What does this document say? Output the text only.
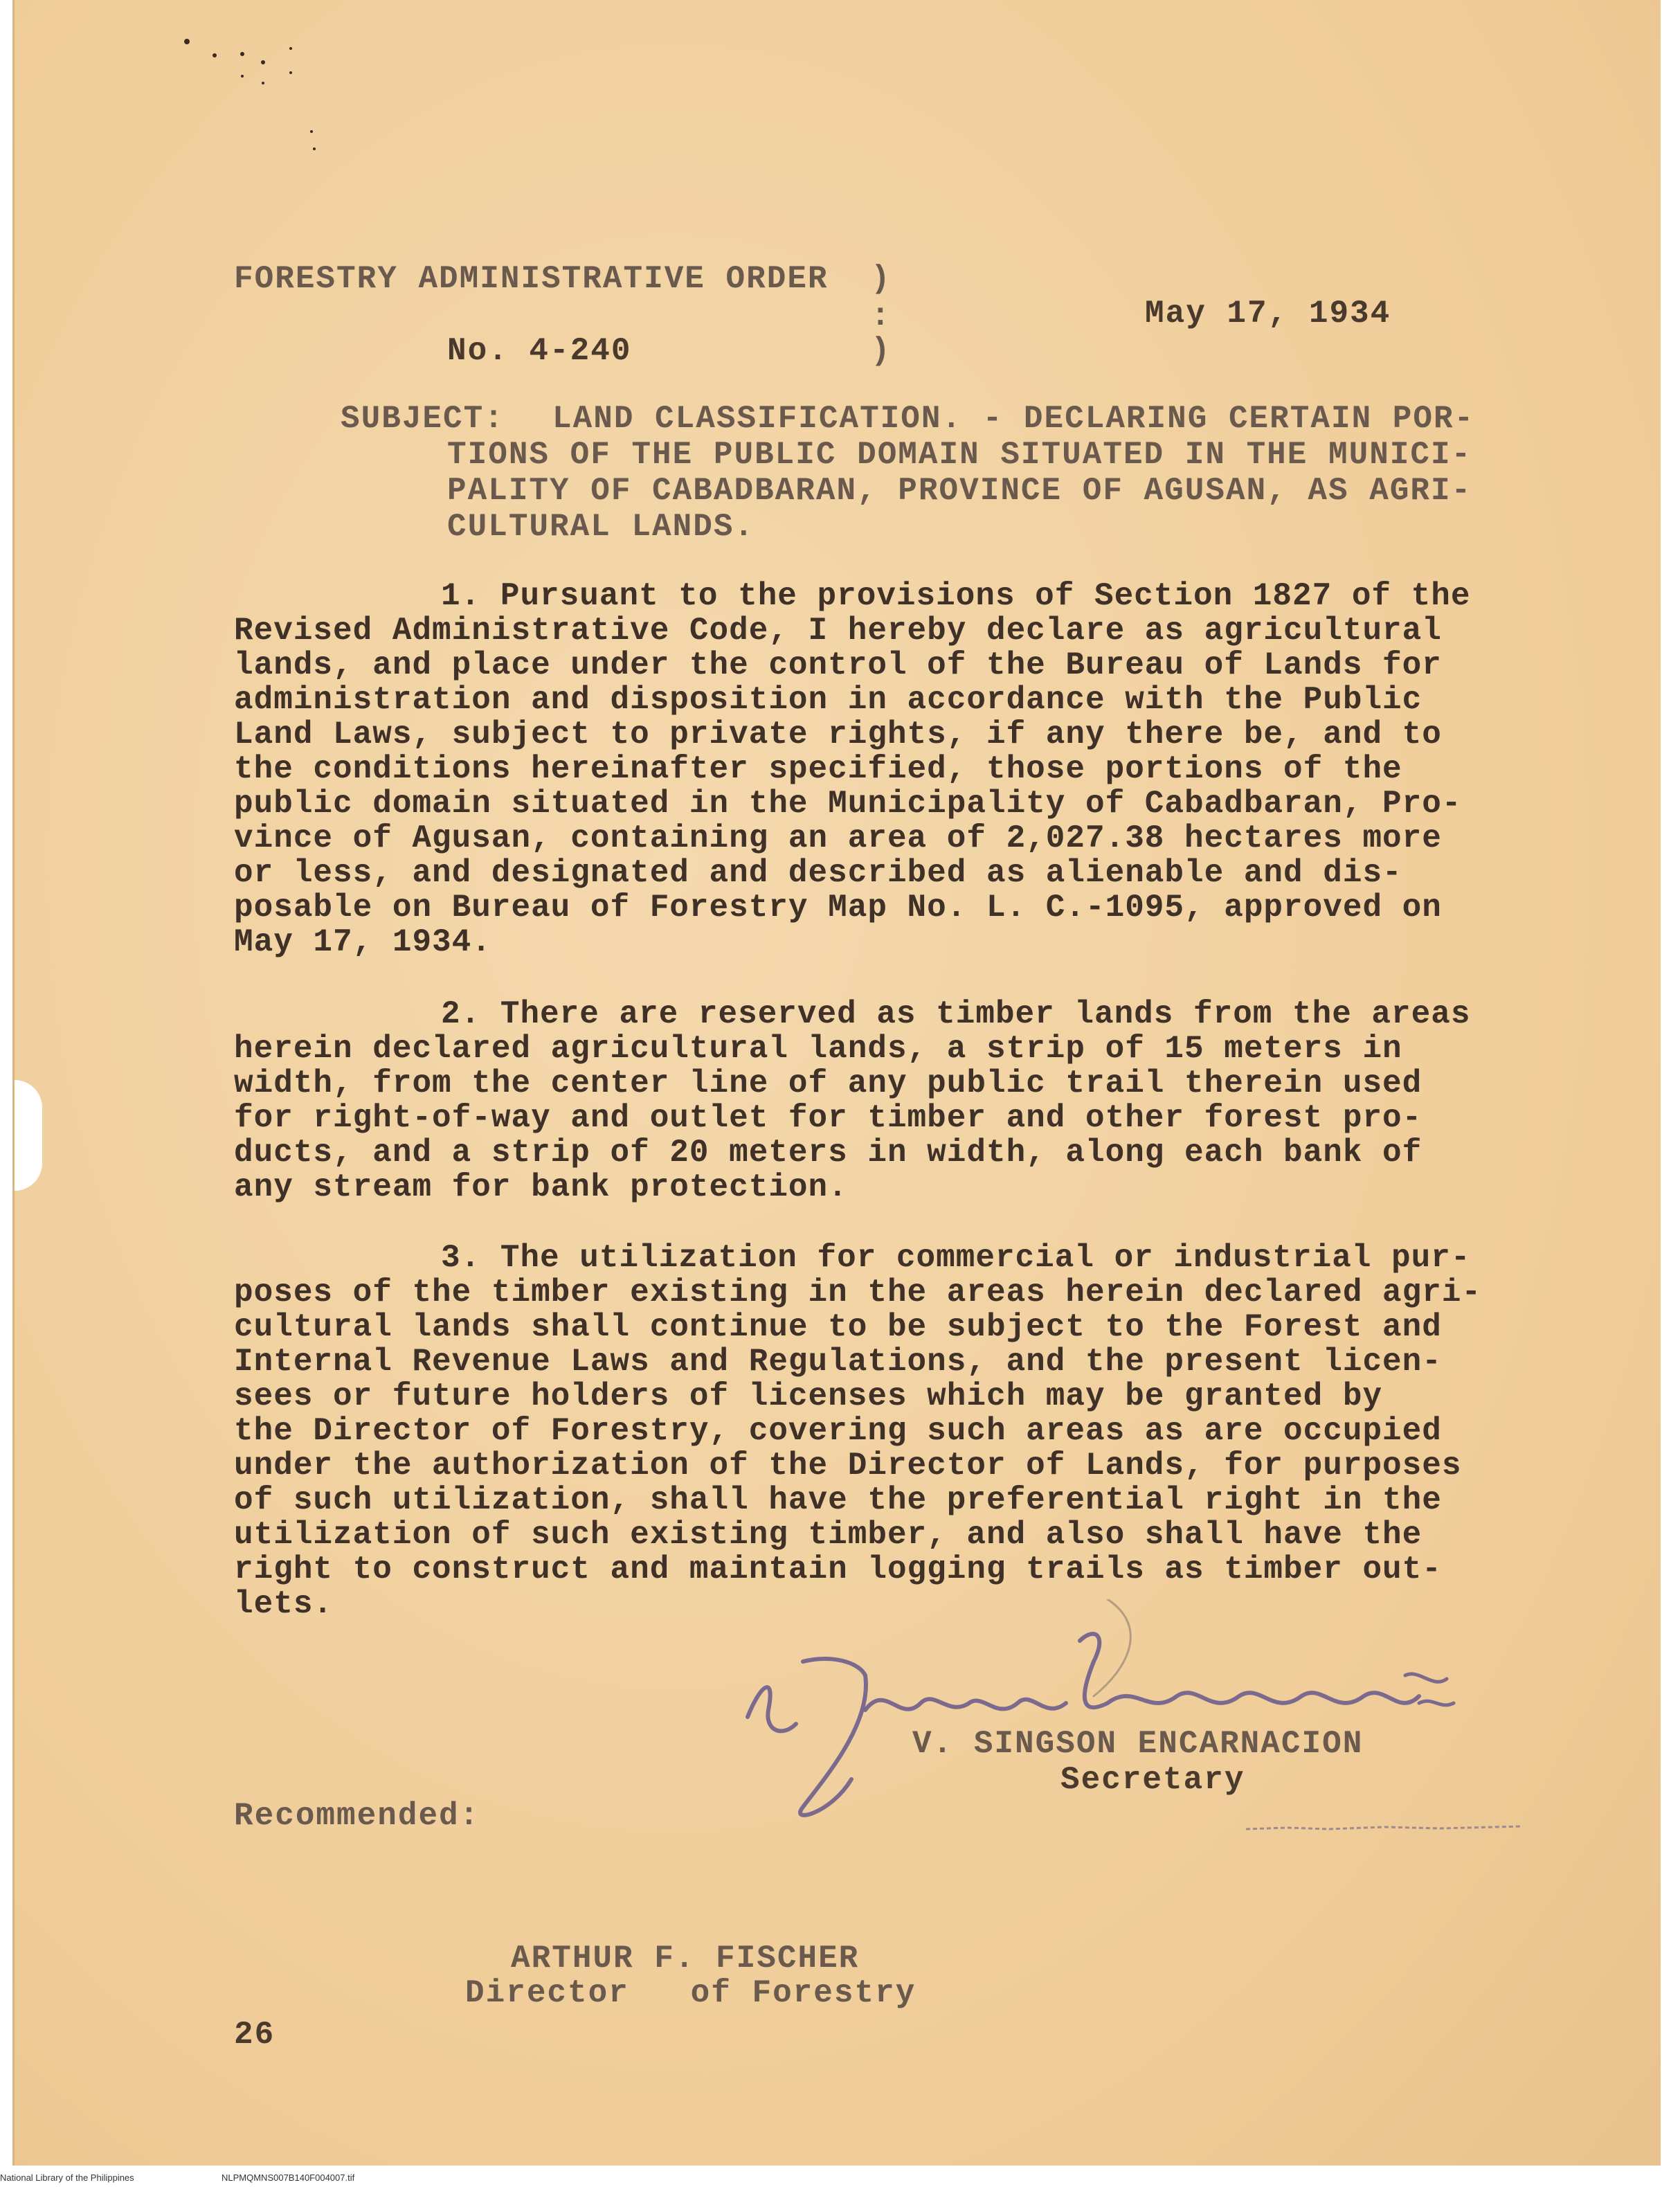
FORESTRY ADMINISTRATIVE ORDER )
:
)
No. 4-240
May 17, 1934
SUBJECT: LAND CLASSIFICATION. - DECLARING CERTAIN POR-
TIONS OF THE PUBLIC DOMAIN SITUATED IN THE MUNICI-
PALITY OF CABADBARAN, PROVINCE OF AGUSAN, AS AGRI-
CULTURAL LANDS.
1. Pursuant to the provisions of Section 1827 of the
Revised Administrative Code, I hereby declare as agricultural
lands, and place under the control of the Bureau of Lands for
administration and disposition in accordance with the Public
Land Laws, subject to private rights, if any there be, and to
the conditions hereinafter specified, those portions of the
public domain situated in the Municipality of Cabadbaran, Pro-
vince of Agusan, containing an area of 2,027.38 hectares more
or less, and designated and described as alienable and dis-
posable on Bureau of Forestry Map No. L. C.-1095, approved on
May 17, 1934.
2. There are reserved as timber lands from the areas
herein declared agricultural lands, a strip of 15 meters in
width, from the center line of any public trail therein used
for right-of-way and outlet for timber and other forest pro-
ducts, and a strip of 20 meters in width, along each bank of
any stream for bank protection.
3. The utilization for commercial or industrial pur-
poses of the timber existing in the areas herein declared agri-
cultural lands shall continue to be subject to the Forest and
Internal Revenue Laws and Regulations, and the present licen-
sees or future holders of licenses which may be granted by
the Director of Forestry, covering such areas as are occupied
under the authorization of the Director of Lands, for purposes
of such utilization, shall have the preferential right in the
utilization of such existing timber, and also shall have the
right to construct and maintain logging trails as timber out-
lets.
V. SINGSON ENCARNACION
Secretary
Recommended:
ARTHUR F. FISCHER
Director   of Forestry
26
National Library of the Philippines	NLPMQMNS007B140F004007.tif
